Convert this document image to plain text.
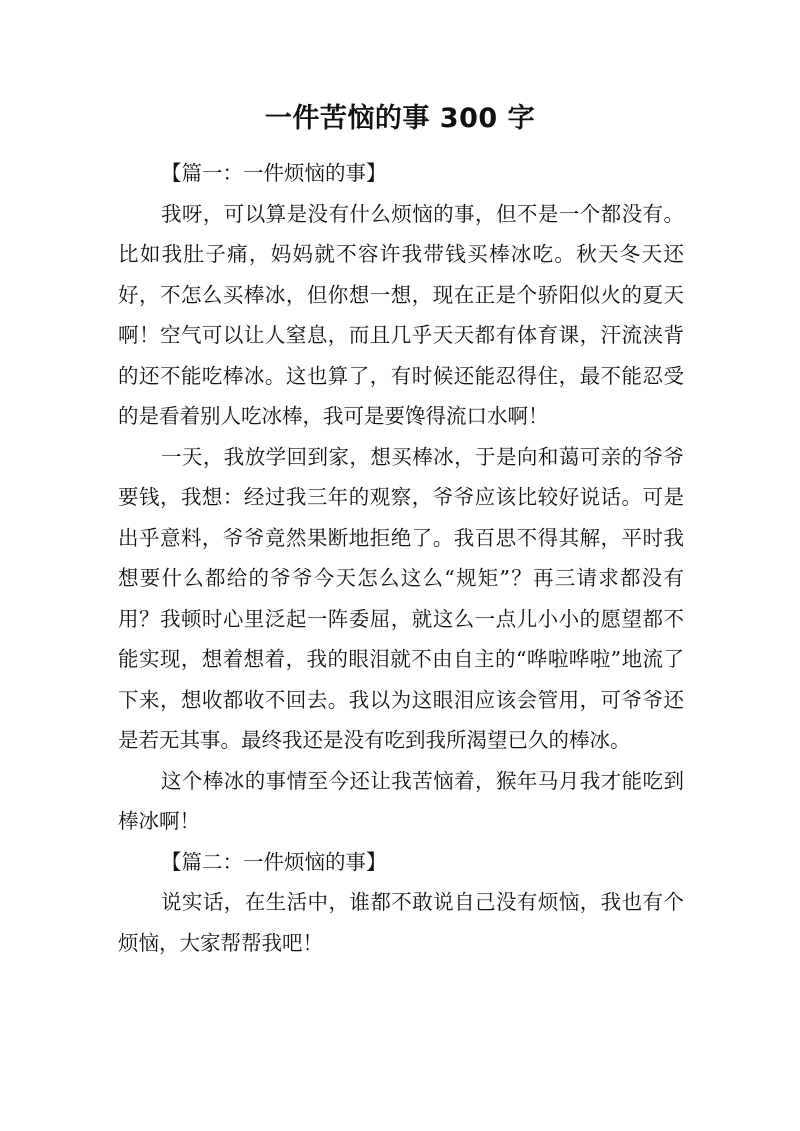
一件苦恼的事 300 字

【篇一：一件烦恼的事】

我呀，可以算是没有什么烦恼的事，但不是一个都没有。比如我肚子痛，妈妈就不容许我带钱买棒冰吃。秋天冬天还好，不怎么买棒冰，但你想一想，现在正是个骄阳似火的夏天啊！空气可以让人窒息，而且几乎天天都有体育课，汗流浃背的还不能吃棒冰。这也算了，有时候还能忍得住，最不能忍受的是看着别人吃冰棒，我可是要馋得流口水啊！

一天，我放学回到家，想买棒冰，于是向和蔼可亲的爷爷要钱，我想：经过我三年的观察，爷爷应该比较好说话。可是出乎意料，爷爷竟然果断地拒绝了。我百思不得其解，平时我想要什么都给的爷爷今天怎么这么“规矩”？再三请求都没有用？我顿时心里泛起一阵委屈，就这么一点儿小小的愿望都不能实现，想着想着，我的眼泪就不由自主的“哗啦哗啦”地流了下来，想收都收不回去。我以为这眼泪应该会管用，可爷爷还是若无其事。最终我还是没有吃到我所渴望已久的棒冰。

这个棒冰的事情至今还让我苦恼着，猴年马月我才能吃到棒冰啊！

【篇二：一件烦恼的事】

说实话，在生活中，谁都不敢说自己没有烦恼，我也有个烦恼，大家帮帮我吧！
